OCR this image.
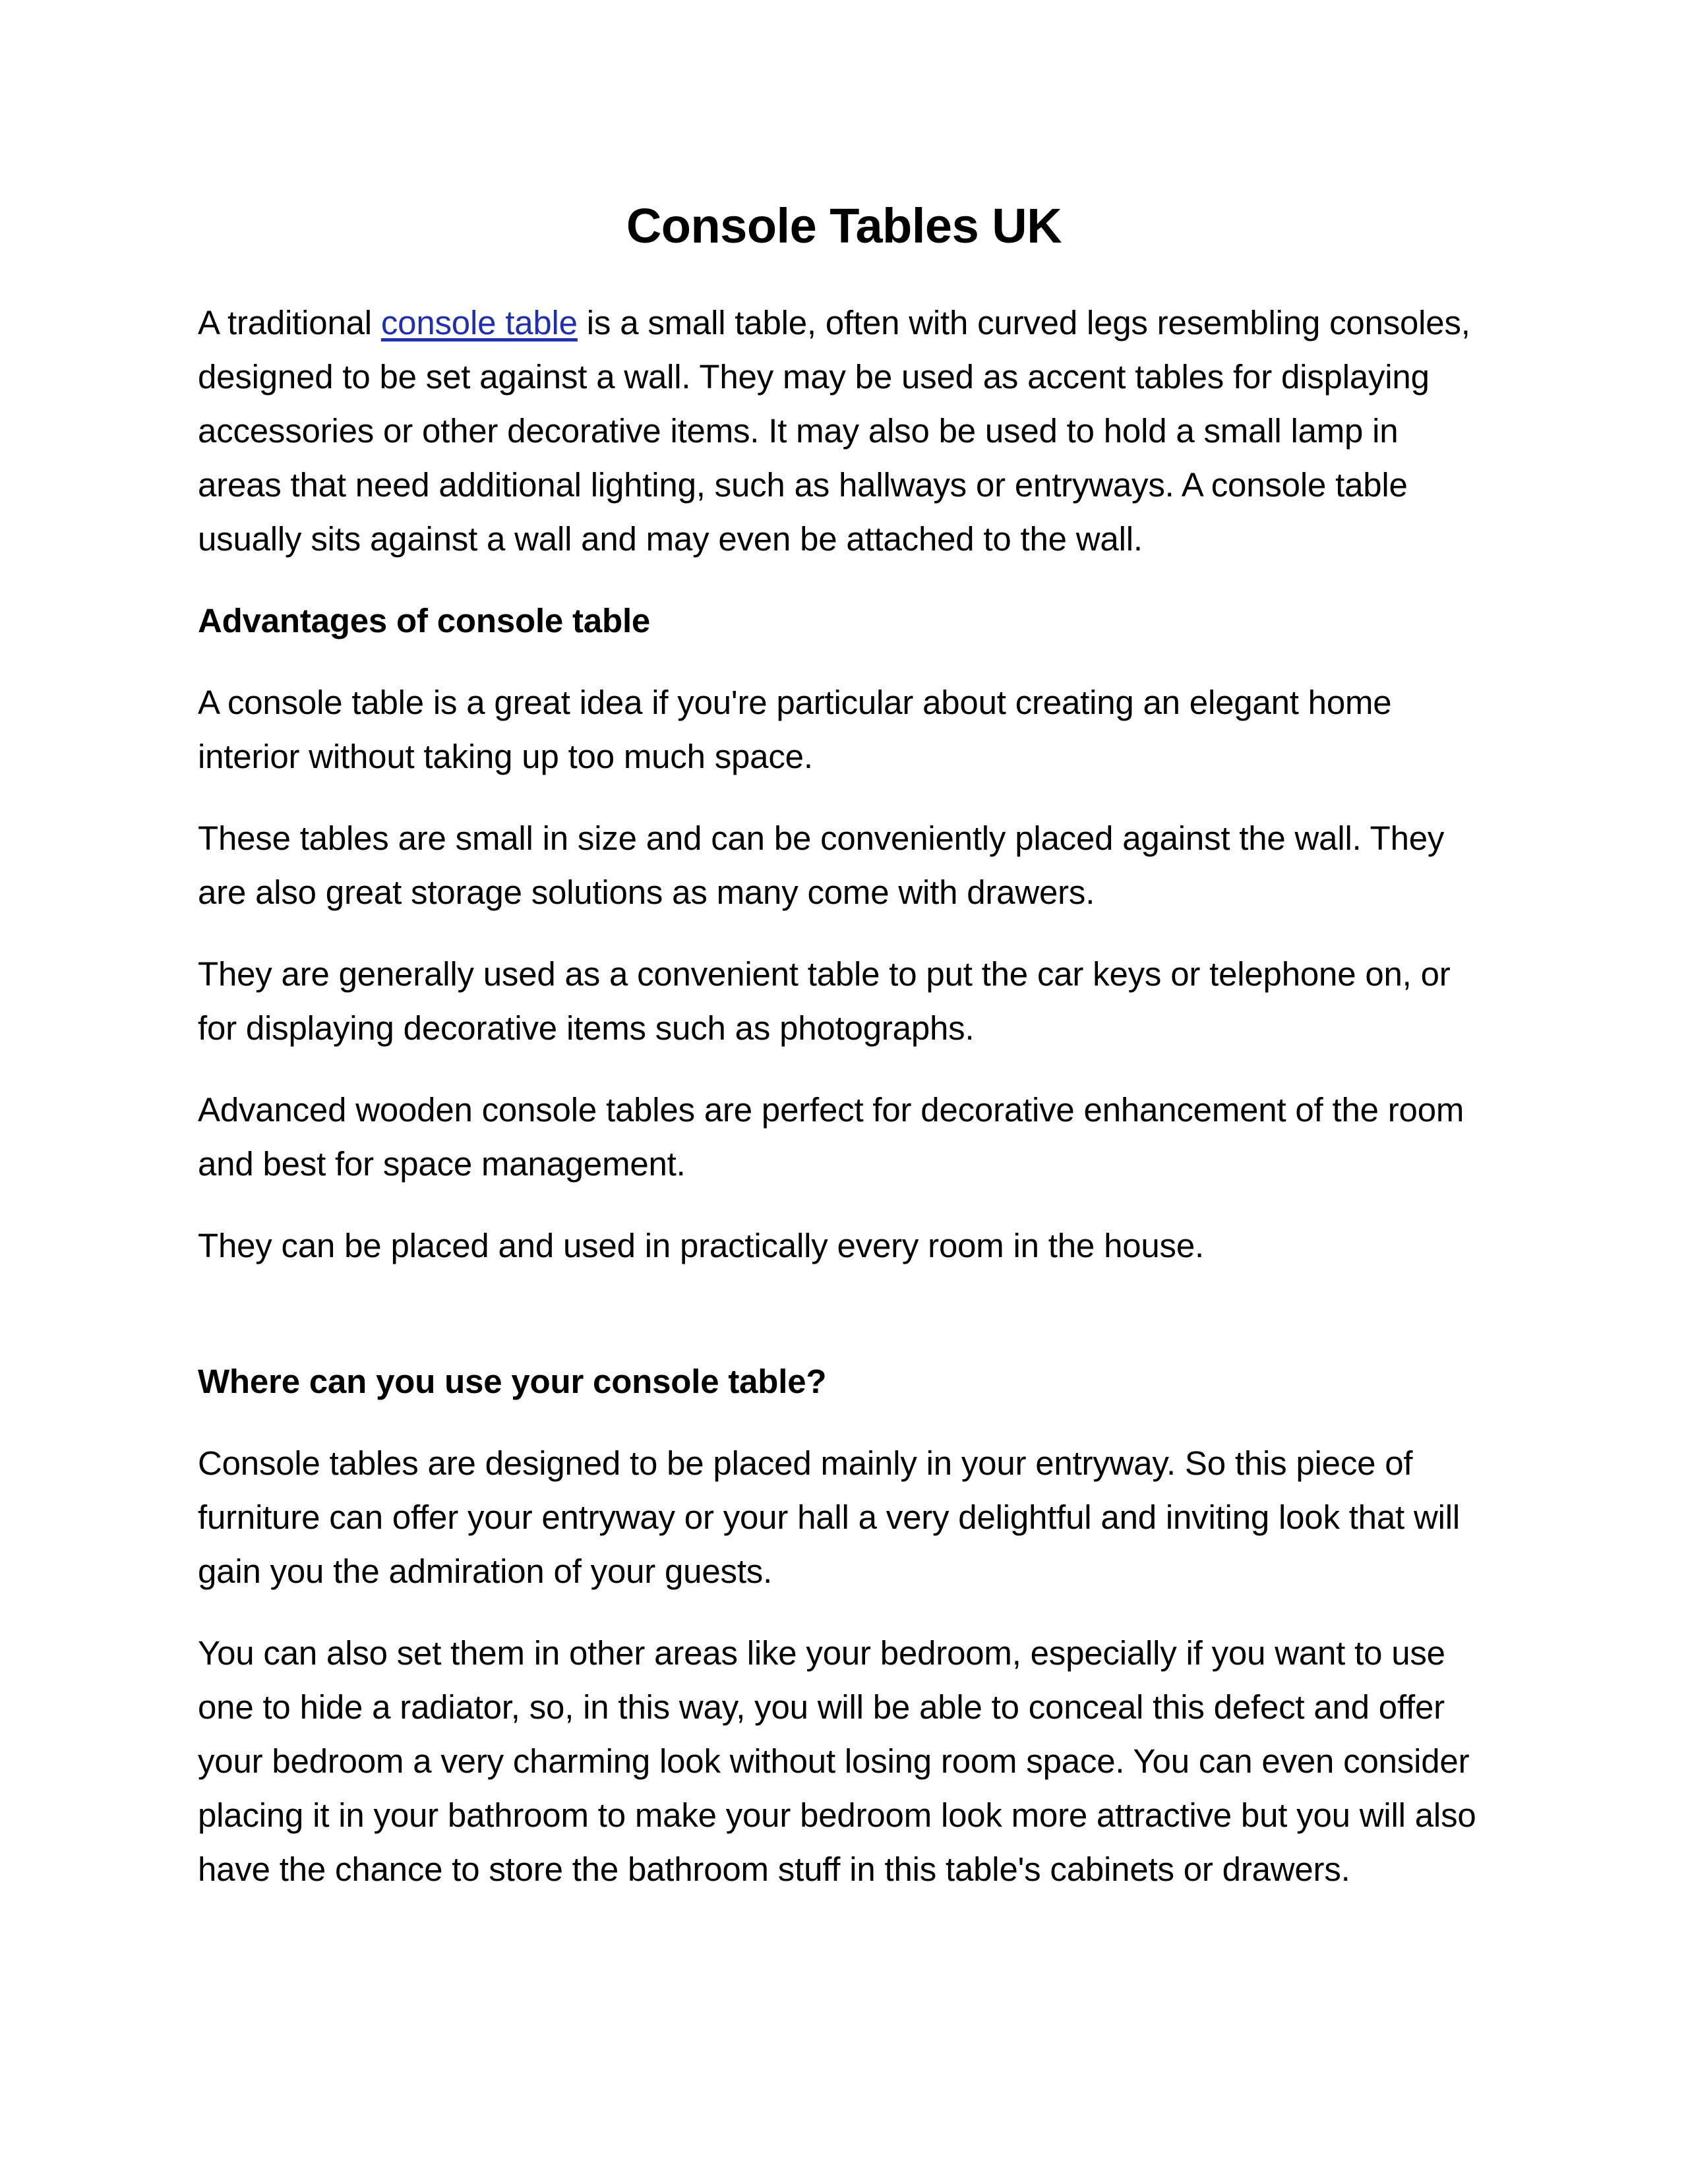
Console Tables UK

A traditional console table is a small table, often with curved legs resembling consoles, designed to be set against a wall. They may be used as accent tables for displaying accessories or other decorative items. It may also be used to hold a small lamp in areas that need additional lighting, such as hallways or entryways. A console table usually sits against a wall and may even be attached to the wall.

Advantages of console table

A console table is a great idea if you're particular about creating an elegant home interior without taking up too much space.

These tables are small in size and can be conveniently placed against the wall. They are also great storage solutions as many come with drawers.

They are generally used as a convenient table to put the car keys or telephone on, or for displaying decorative items such as photographs.

Advanced wooden console tables are perfect for decorative enhancement of the room and best for space management.

They can be placed and used in practically every room in the house.

Where can you use your console table?

Console tables are designed to be placed mainly in your entryway. So this piece of furniture can offer your entryway or your hall a very delightful and inviting look that will gain you the admiration of your guests.

You can also set them in other areas like your bedroom, especially if you want to use one to hide a radiator, so, in this way, you will be able to conceal this defect and offer your bedroom a very charming look without losing room space. You can even consider placing it in your bathroom to make your bedroom look more attractive but you will also have the chance to store the bathroom stuff in this table's cabinets or drawers.
